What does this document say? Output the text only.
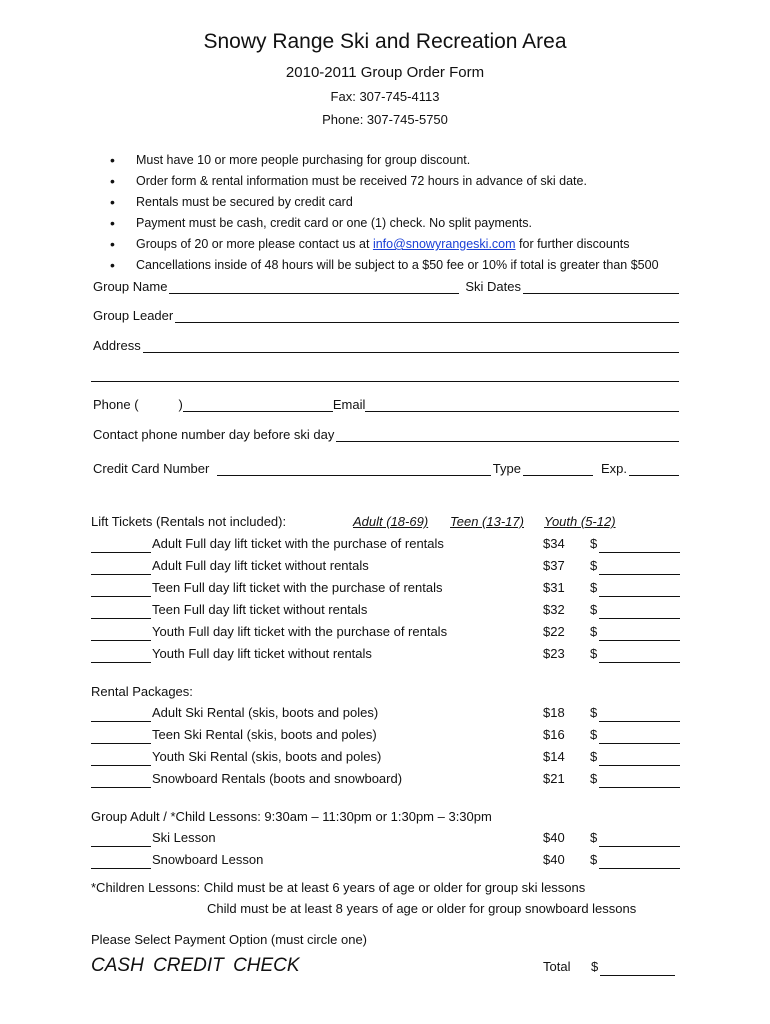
Snowy Range Ski and Recreation Area
2010-2011 Group Order Form
Fax: 307-745-4113
Phone: 307-745-5750
• Must have 10 or more people purchasing for group discount.
• Order form & rental information must be received 72 hours in advance of ski date.
• Rentals must be secured by credit card
• Payment must be cash, credit card or one (1) check. No split payments.
• Groups of 20 or more please contact us at info@snowyrangeski.com for further discounts
• Cancellations inside of 48 hours will be subject to a $50 fee or 10% if total is greater than $500
Group Name	Ski Dates
Group Leader
Address
Phone (	)	Email
Contact phone number day before ski day
Credit Card Number	Type	Exp.
Lift Tickets (Rentals not included):	Adult (18-69) Teen (13-17) Youth (5-12)
Adult Full day lift ticket with the purchase of rentals	$34 $
Adult Full day lift ticket without rentals	$37 $
Teen Full day lift ticket with the purchase of rentals	$31 $
Teen Full day lift ticket without rentals	$32 $
Youth Full day lift ticket with the purchase of rentals	$22 $
Youth Full day lift ticket without rentals	$23 $
Rental Packages:
Adult Ski Rental (skis, boots and poles)	$18 $
Teen Ski Rental (skis, boots and poles)	$16 $
Youth Ski Rental (skis, boots and poles)	$14 $
Snowboard Rentals (boots and snowboard)	$21 $
Group Adult / *Child Lessons: 9:30am – 11:30pm or 1:30pm – 3:30pm
Ski Lesson	$40 $
Snowboard Lesson	$40 $
*Children Lessons: Child must be at least 6 years of age or older for group ski lessons
Child must be at least 8 years of age or older for group snowboard lessons
Please Select Payment Option (must circle one)
CASH CREDIT CHECK	Total $
